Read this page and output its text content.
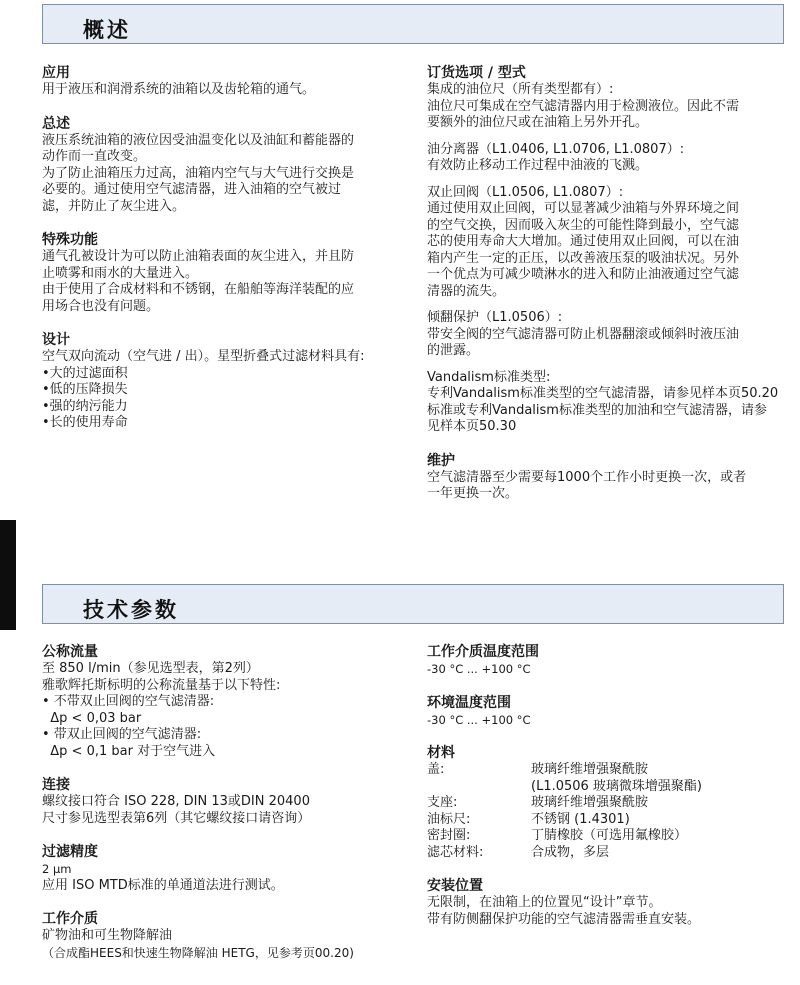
概述

应用

用于液压和润滑系统的油箱以及齿轮箱的通气。

总述

液压系统油箱的液位因受油温变化以及油缸和蓄能器的

动作而一直改变。

为了防止油箱压力过高，油箱内空气与大气进行交换是

必要的。通过使用空气滤清器，进入油箱的空气被过

滤，并防止了灰尘进入。

特殊功能

通气孔被设计为可以防止油箱表面的灰尘进入，并且防

止喷雾和雨水的大量进入。

由于使用了合成材料和不锈钢，在船舶等海洋装配的应

用场合也没有问题。

设计

空气双向流动（空气进 / 出）。星型折叠式过滤材料具有:

•大的过滤面积

•低的压降损失

•强的纳污能力

•长的使用寿命

订货选项 / 型式

集成的油位尺（所有类型都有）:

油位尺可集成在空气滤清器内用于检测液位。因此不需

要额外的油位尺或在油箱上另外开孔。

油分离器（L1.0406, L1.0706, L1.0807）:

有效防止移动工作过程中油液的飞溅。

双止回阀（L1.0506, L1.0807）:

通过使用双止回阀，可以显著减少油箱与外界环境之间

的空气交换，因而吸入灰尘的可能性降到最小，空气滤

芯的使用寿命大大增加。通过使用双止回阀，可以在油

箱内产生一定的正压，以改善液压泵的吸油状况。另外

一个优点为可减少喷淋水的进入和防止油液通过空气滤

清器的流失。

倾翻保护（L1.0506）:

带安全阀的空气滤清器可防止机器翻滚或倾斜时液压油

的泄露。

Vandalism标准类型:

专利Vandalism标准类型的空气滤清器，请参见样本页50.20

标准或专利Vandalism标准类型的加油和空气滤清器，请参

见样本页50.30

维护

空气滤清器至少需要每1000个工作小时更换一次，或者

一年更换一次。

技术参数

公称流量

至 850 l/min（参见选型表，第2列）

雅歌辉托斯标明的公称流量基于以下特性:

• 不带双止回阀的空气滤清器:

Δp < 0,03 bar

• 带双止回阀的空气滤清器:

Δp < 0,1 bar 对于空气进入

连接

螺纹接口符合 ISO 228, DIN 13或DIN 20400

尺寸参见选型表第6列（其它螺纹接口请咨询）

过滤精度

2 µm

应用 ISO MTD标准的单通道法进行测试。

工作介质

矿物油和可生物降解油

（合成酯HEES和快速生物降解油 HETG，见参考页00.20)

工作介质温度范围

-30 °C ... +100 °C

环境温度范围

-30 °C ... +100 °C

材料

盖:	玻璃纤维增强聚酰胺
(L1.0506 玻璃微珠增强聚酯)
支座:	玻璃纤维增强聚酰胺
油标尺:	不锈钢 (1.4301)
密封圈:	丁腈橡胶（可选用氟橡胶）
滤芯材料:	合成物，多层

安装位置

无限制，在油箱上的位置见“设计”章节。

带有防侧翻保护功能的空气滤清器需垂直安装。
